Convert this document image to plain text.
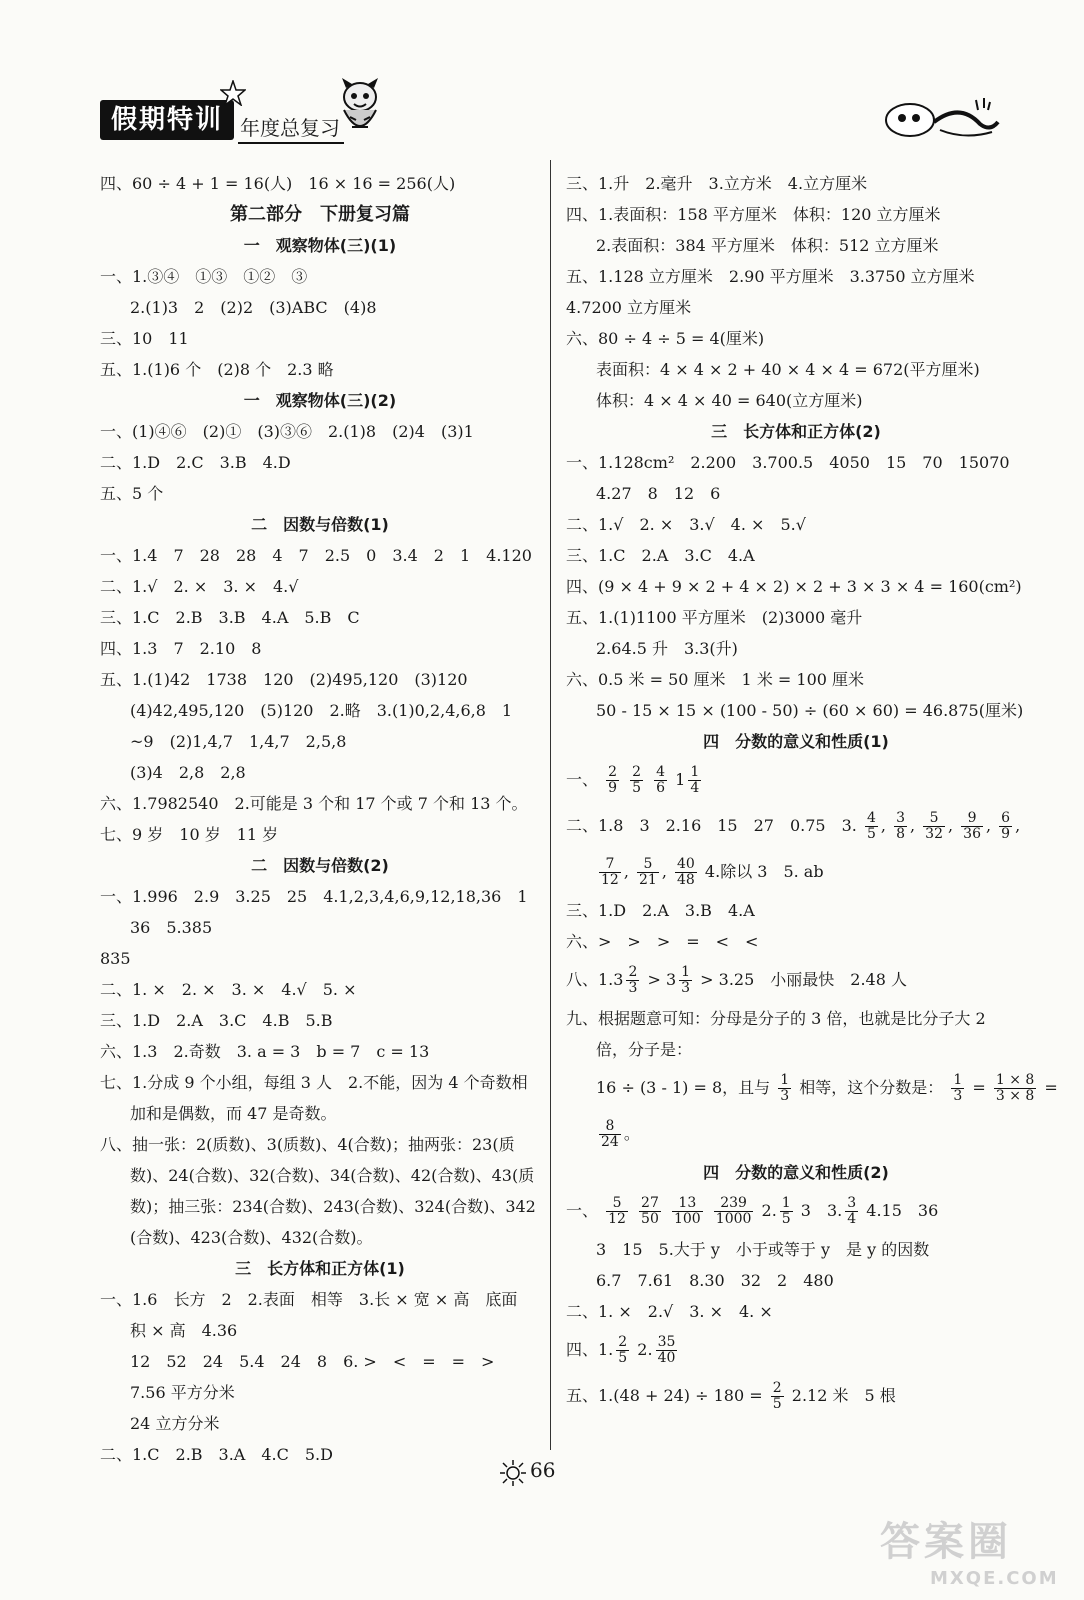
假期特训 年度总复习
四、60 ÷ 4 + 1 = 16(人)　16 × 16 = 256(人)
第二部分　下册复习篇
一　观察物体(三)(1)
一、1.③④　①③　①②　③
2.(1)3　2　(2)2　(3)ABC　(4)8
三、10　11
五、1.(1)6 个　(2)8 个　2.3 略
一　观察物体(三)(2)
一、(1)④⑥　(2)①　(3)③⑥　2.(1)8　(2)4　(3)1
二、1.D　2.C　3.B　4.D
五、5 个
二　因数与倍数(1)
一、1.4　7　28　28　4　7　2.5　0　3.4　2　1　4.120
二、1.√　2. ×　3. ×　4.√
三、1.C　2.B　3.B　4.A　5.B　C
四、1.3　7　2.10　8
五、1.(1)42　1738　120　(2)495,120　(3)120
(4)42,495,120　(5)120　2.略　3.(1)0,2,4,6,8　1
~9　(2)1,4,7　1,4,7　2,5,8
(3)4　2,8　2,8
六、1.7982540　2.可能是 3 个和 17 个或 7 个和 13 个。
七、9 岁　10 岁　11 岁
二　因数与倍数(2)
一、1.996　2.9　3.25　25　4.1,2,3,4,6,9,12,18,36　1
36　5.385
835
二、1. ×　2. ×　3. ×　4.√　5. ×
三、1.D　2.A　3.C　4.B　5.B
六、1.3　2.奇数　3. a = 3　b = 7　c = 13
七、1.分成 9 个小组，每组 3 人　2.不能，因为 4 个奇数相
加和是偶数，而 47 是奇数。
八、抽一张：2(质数)、3(质数)、4(合数)；抽两张：23(质
数)、24(合数)、32(合数)、34(合数)、42(合数)、43(质
数)；抽三张：234(合数)、243(合数)、324(合数)、342
(合数)、423(合数)、432(合数)。
三　长方体和正方体(1)
一、1.6　长方　2　2.表面　相等　3.长 × 宽 × 高　底面
积 × 高　4.36
12　52　24　5.4　24　8　6. >　<　=　=　>
7.56 平方分米
24 立方分米
二、1.C　2.B　3.A　4.C　5.D
三、1.升　2.毫升　3.立方米　4.立方厘米
四、1.表面积：158 平方厘米　体积：120 立方厘米
2.表面积：384 平方厘米　体积：512 立方厘米
五、1.128 立方厘米　2.90 平方厘米　3.3750 立方厘米
4.7200 立方厘米
六、80 ÷ 4 ÷ 5 = 4(厘米)
表面积：4 × 4 × 2 + 40 × 4 × 4 = 672(平方厘米)
体积：4 × 4 × 40 = 640(立方厘米)
三　长方体和正方体(2)
一、1.128cm²　2.200　3.700.5　4050　15　70　15070
4.27　8　12　6
二、1.√　2. ×　3.√　4. ×　5.√
三、1.C　2.A　3.C　4.A
四、(9 × 4 + 9 × 2 + 4 × 2) × 2 + 3 × 3 × 4 = 160(cm²)
五、1.(1)1100 平方厘米　(2)3000 毫升
2.64.5 升　3.3(升)
六、0.5 米 = 50 厘米　1 米 = 100 厘米
50 - 15 × 15 × (100 - 50) ÷ (60 × 60) = 46.875(厘米)
四　分数的意义和性质(1)
一、 $\frac{2}{9}$
$\frac{2}{5}$
$\frac{4}{6} 1 \frac{1}{4}$
二、1.8　3　2.16　15　27　0.75　3. $\frac{4}{5}$ , $\frac{3}{8}$ , $\frac{5}{32}$ , $\frac{9}{36}$ , $\frac{6}{9}$ ,
$\frac{7}{12}$ , $\frac{5}{21}$ , $\frac{40}{48} 4$.除以 3　5. ab
三、1.D　2.A　3.B　4.A
六、>　>　>　=　<　<
八、$1.3 \frac{2}{3} > 3 \frac{1}{3} > 3.25$　小丽最快　2.48 人
九、根据题意可知：分母是分子的 3 倍，也就是比分子大 2
倍，分子是：
16 ÷ (3 - 1) = 8，且与 $\frac{1}{3}$ 相等，这个分数是： $\frac{1}{3} = \frac{1 \times 8}{3 \times 8}$ =
$\frac{8}{24}$ 。
四　分数的意义和性质(2)
一、 $\frac{5}{12}$
$\frac{27}{50}$
$\frac{13}{100}$
$\frac{239}{1000} 2$. $\frac{1}{5} 3$　3. $\frac{3}{4} 4.15$　36
3　15　5.大于 y　小于或等于 y　是 y 的因数
6.7　7.61　8.30　32　2　480
二、1. ×　2.√　3. ×　4. ×
四、1. $\frac{2}{5} 2$. $\frac{35}{40}$
五、$1.(48 + 24) \div 180 = \frac{2}{5} 2.12$ 米　5 根
66
答案圈
MXQE.COM
